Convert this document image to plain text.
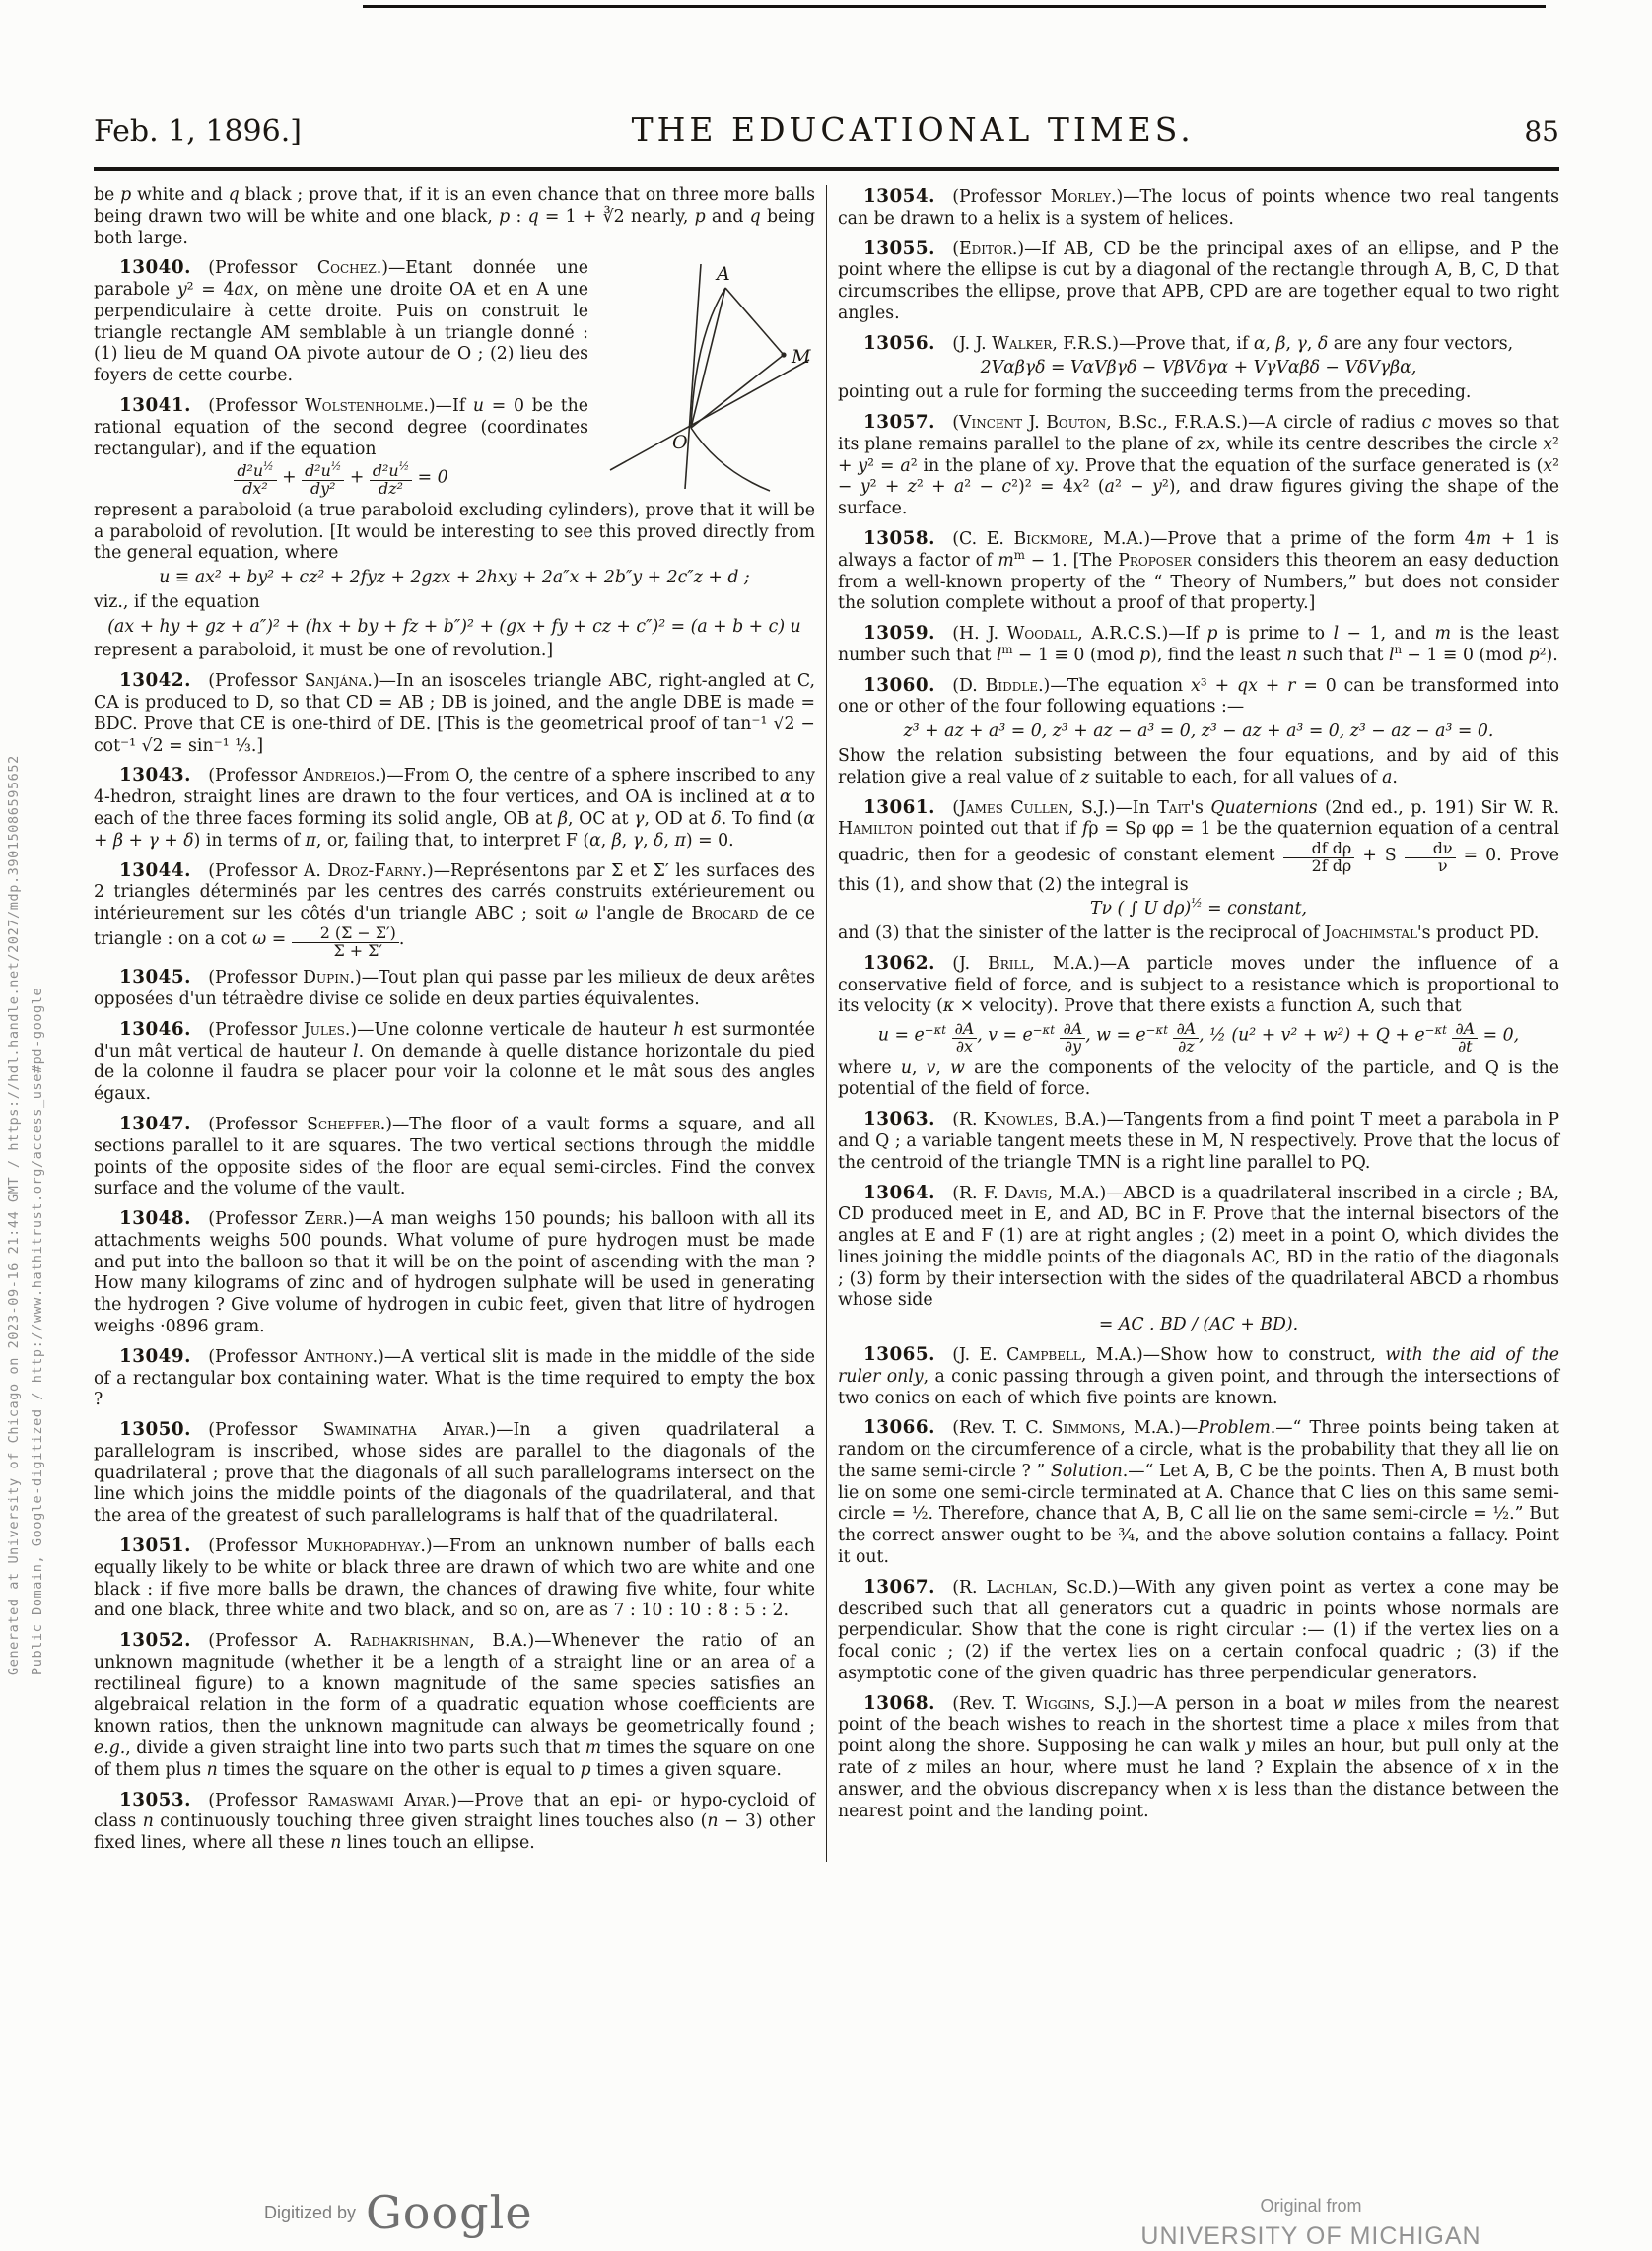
Feb. 1, 1896.]	THE EDUCATIONAL TIMES.	85

be p white and q black ; prove that, if it is an even chance that on three more balls being drawn two will be white and one black, p : q = 1 + ∛2 nearly, p and q being both large.

A
M
O
13040.  (Professor Cochez.)—Etant donnée une parabole y² = 4ax, on mène une droite OA et en A une perpendiculaire à cette droite. Puis on construit le triangle rectangle AM semblable à un triangle donné : (1) lieu de M quand OA pivote autour de O ; (2) lieu des foyers de cette courbe.

13041.  (Professor Wolstenholme.)—If u = 0 be the rational equation of the second degree (coordinates rectangular), and if the equation
$\frac{d^2u^{\frac{1}{2}}}{\text{dx²}} + \frac{d^2u^{\frac{1}{2}}}{\text{dy²}} + \frac{d^2u^{\frac{1}{2}}}{\text{dz²}} = 0$
represent a paraboloid (a true paraboloid excluding cylinders), prove that it will be a paraboloid of revolution. [It would be interesting to see this proved directly from the general equation, where
u ≡ ax² + by² + cz² + 2fyz + 2gzx + 2hxy + 2a″x + 2b″y + 2c″z + d ;
viz., if the equation
(ax + hy + gz + a″)² + (hx + by + fz + b″)² + (gx + fy + cz + c″)² = (a + b + c) u
represent a paraboloid, it must be one of revolution.]

13042.  (Professor Sanjána.)—In an isosceles triangle ABC, right-angled at C, CA is produced to D, so that CD = AB ; DB is joined, and the angle DBE is made = BDC. Prove that CE is one-third of DE. [This is the geometrical proof of tan⁻¹ √2 − cot⁻¹ √2 = sin⁻¹ ⅓.]

13043.  (Professor Andreios.)—From O, the centre of a sphere inscribed to any 4-hedron, straight lines are drawn to the four vertices, and OA is inclined at α to each of the three faces forming its solid angle, OB at β, OC at γ, OD at δ. To find (α + β + γ + δ) in terms of π, or, failing that, to interpret F (α, β, γ, δ, π) = 0.

13044.  (Professor A. Droz-Farny.)—Représentons par Σ et Σ′ les surfaces des 2 triangles déterminés par les centres des carrés construits extérieurement ou intérieurement sur les côtés d'un triangle ABC ; soit ω l'angle de Brocard de ce triangle : on a $\cot \omega = \frac{2 (\Sigma - \Sigma')}{\Sigma + \Sigma'}$ .

13045.  (Professor Dupin.)—Tout plan qui passe par les milieux de deux arêtes opposées d'un tétraèdre divise ce solide en deux parties équivalentes.

13046.  (Professor Jules.)—Une colonne verticale de hauteur h est surmontée d'un mât vertical de hauteur l. On demande à quelle distance horizontale du pied de la colonne il faudra se placer pour voir la colonne et le mât sous des angles égaux.

13047.  (Professor Scheffer.)—The floor of a vault forms a square, and all sections parallel to it are squares. The two vertical sections through the middle points of the opposite sides of the floor are equal semi-circles. Find the convex surface and the volume of the vault.

13048.  (Professor Zerr.)—A man weighs 150 pounds; his balloon with all its attachments weighs 500 pounds. What volume of pure hydrogen must be made and put into the balloon so that it will be on the point of ascending with the man ? How many kilograms of zinc and of hydrogen sulphate will be used in generating the hydrogen ? Give volume of hydrogen in cubic feet, given that litre of hydrogen weighs ·0896 gram.

13049.  (Professor Anthony.)—A vertical slit is made in the middle of the side of a rectangular box containing water. What is the time required to empty the box ?

13050.  (Professor Swaminatha Aiyar.)—In a given quadrilateral a parallelogram is inscribed, whose sides are parallel to the diagonals of the quadrilateral ; prove that the diagonals of all such parallelograms intersect on the line which joins the middle points of the diagonals of the quadrilateral, and that the area of the greatest of such parallelograms is half that of the quadrilateral.

13051.  (Professor Mukhopadhyay.)—From an unknown number of balls each equally likely to be white or black three are drawn of which two are white and one black : if five more balls be drawn, the chances of drawing five white, four white and one black, three white and two black, and so on, are as 7 : 10 : 10 : 8 : 5 : 2.

13052.  (Professor A. Radhakrishnan, B.A.)—Whenever the ratio of an unknown magnitude (whether it be a length of a straight line or an area of a rectilineal figure) to a known magnitude of the same species satisfies an algebraical relation in the form of a quadratic equation whose coefficients are known ratios, then the unknown magnitude can always be geometrically found ; e.g., divide a given straight line into two parts such that m times the square on one of them plus n times the square on the other is equal to p times a given square.

13053.  (Professor Ramaswami Aiyar.)—Prove that an epi- or hypo-cycloid of class n continuously touching three given straight lines touches also (n − 3) other fixed lines, where all these n lines touch an ellipse.

13054.  (Professor Morley.)—The locus of points whence two real tangents can be drawn to a helix is a system of helices.

13055.  (Editor.)—If AB, CD be the principal axes of an ellipse, and P the point where the ellipse is cut by a diagonal of the rectangle through A, B, C, D that circumscribes the ellipse, prove that APB, CPD are are together equal to two right angles.

13056.  (J. J. Walker, F.R.S.)—Prove that, if α, β, γ, δ are any four vectors,
2Vαβγδ = VαVβγδ − VβVδγα + VγVαβδ − VδVγβα,
pointing out a rule for forming the succeeding terms from the preceding.

13057.  (Vincent J. Bouton, B.Sc., F.R.A.S.)—A circle of radius c moves so that its plane remains parallel to the plane of zx, while its centre describes the circle x² + y² = a² in the plane of xy. Prove that the equation of the surface generated is (x² − y² + z² + a² − c²)² = 4x² (a² − y²), and draw figures giving the shape of the surface.

13058.  (C. E. Bickmore, M.A.)—Prove that a prime of the form 4m + 1 is always a factor of $m^m - 1$. [The Proposer considers this theorem an easy deduction from a well-known property of the “ Theory of Numbers,” but does not consider the solution complete without a proof of that property.]

13059.  (H. J. Woodall, A.R.C.S.)—If p is prime to l − 1, and m is the least number such that $l^m - 1 \equiv 0$ (mod p), find the least n such that $l^n - 1 \equiv 0$ (mod p²).

13060.  (D. Biddle.)—The equation x³ + qx + r = 0 can be transformed into one or other of the four following equations :—
z³ + az + a³ = 0, z³ + az − a³ = 0, z³ − az + a³ = 0, z³ − az − a³ = 0.
Show the relation subsisting between the four equations, and by aid of this relation give a real value of z suitable to each, for all values of a.

13061.  (James Cullen, S.J.)—In Tait's Quaternions (2nd ed., p. 191) Sir W. R. Hamilton pointed out that if fρ = Sρ φρ = 1 be the quaternion equation of a central quadric, then for a geodesic of constant element $\frac{\text{df dρ}}{\text{2f dρ}} + S \frac{d\nu}{\nu} = 0$. Prove this (1), and show that (2) the integral is
Tν ( ∫ U dρ)$^{\frac{1}{2}}$ = constant,
and (3) that the sinister of the latter is the reciprocal of Joachimstal's product PD.

13062.  (J. Brill, M.A.)—A particle moves under the influence of a conservative field of force, and is subject to a resistance which is proportional to its velocity (κ × velocity). Prove that there exists a function A, such that
$u = e^{-\kappa t} \frac{\partial A}{\partial x}$ , $v = e^{-\kappa t} \frac{\partial A}{\partial y}$ , $w = e^{-\kappa t} \frac{\partial A}{\partial z}$ , ½ $(u^2 + v^2 + w^2) + Q + e^{-\kappa t} \frac{\partial A}{\partial t} = 0$,
where u, v, w are the components of the velocity of the particle, and Q is the potential of the field of force.

13063.  (R. Knowles, B.A.)—Tangents from a find point T meet a parabola in P and Q ; a variable tangent meets these in M, N respectively. Prove that the locus of the centroid of the triangle TMN is a right line parallel to PQ.

13064.  (R. F. Davis, M.A.)—ABCD is a quadrilateral inscribed in a circle ; BA, CD produced meet in E, and AD, BC in F. Prove that the internal bisectors of the angles at E and F (1) are at right angles ; (2) meet in a point O, which divides the lines joining the middle points of the diagonals AC, BD in the ratio of the diagonals ; (3) form by their intersection with the sides of the quadrilateral ABCD a rhombus whose side
= AC . BD / (AC + BD).

13065.  (J. E. Campbell, M.A.)—Show how to construct, with the aid of the ruler only, a conic passing through a given point, and through the intersections of two conics on each of which five points are known.

13066.  (Rev. T. C. Simmons, M.A.)—Problem.—“ Three points being taken at random on the circumference of a circle, what is the probability that they all lie on the same semi-circle ? ” Solution.—“ Let A, B, C be the points. Then A, B must both lie on some one semi-circle terminated at A. Chance that C lies on this same semi-circle = ½. Therefore, chance that A, B, C all lie on the same semi-circle = ½.” But the correct answer ought to be ¾, and the above solution contains a fallacy. Point it out.

13067.  (R. Lachlan, Sc.D.)—With any given point as vertex a cone may be described such that all generators cut a quadric in points whose normals are perpendicular. Show that the cone is right circular :— (1) if the vertex lies on a focal conic ; (2) if the vertex lies on a certain confocal quadric ; (3) if the asymptotic cone of the given quadric has three perpendicular generators.

13068.  (Rev. T. Wiggins, S.J.)—A person in a boat w miles from the nearest point of the beach wishes to reach in the shortest time a place x miles from that point along the shore. Supposing he can walk y miles an hour, but pull only at the rate of z miles an hour, where must he land ? Explain the absence of x in the answer, and the obvious discrepancy when x is less than the distance between the nearest point and the landing point.

Generated at University of Chicago on 2023-09-16 21:44 GMT / https://hdl.handle.net/2027/mdp.39015086595652 Public Domain, Google-digitized / http://www.hathitrust.org/access_use#pd-google
Digitized by Google	Original from
UNIVERSITY OF MICHIGAN
